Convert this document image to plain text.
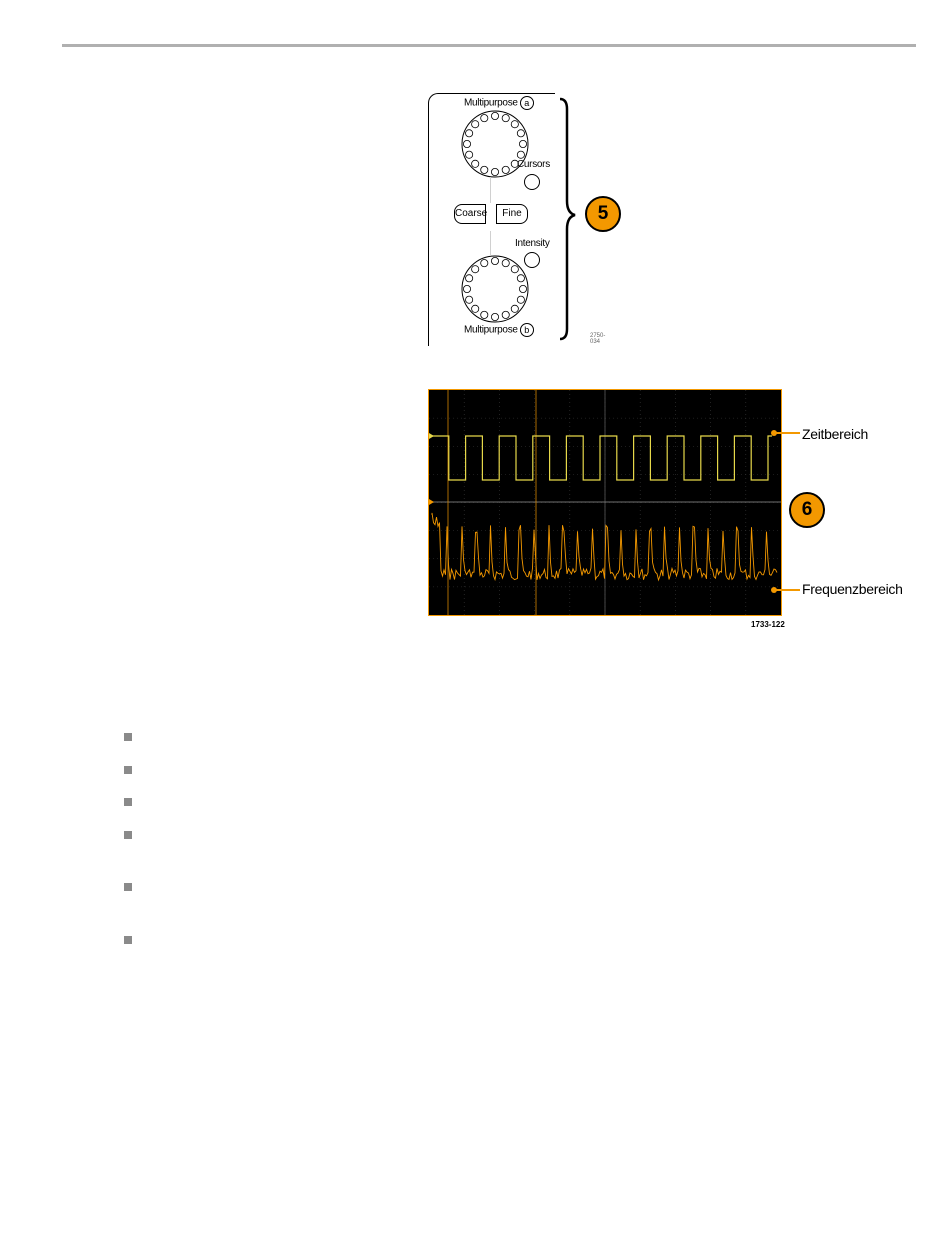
Multipurpose a
Cursors
Coarse	Fine
Intensity
Multipurpose b
2750-034
5
Zeitbereich
6
Frequenzbereich
1733-122
